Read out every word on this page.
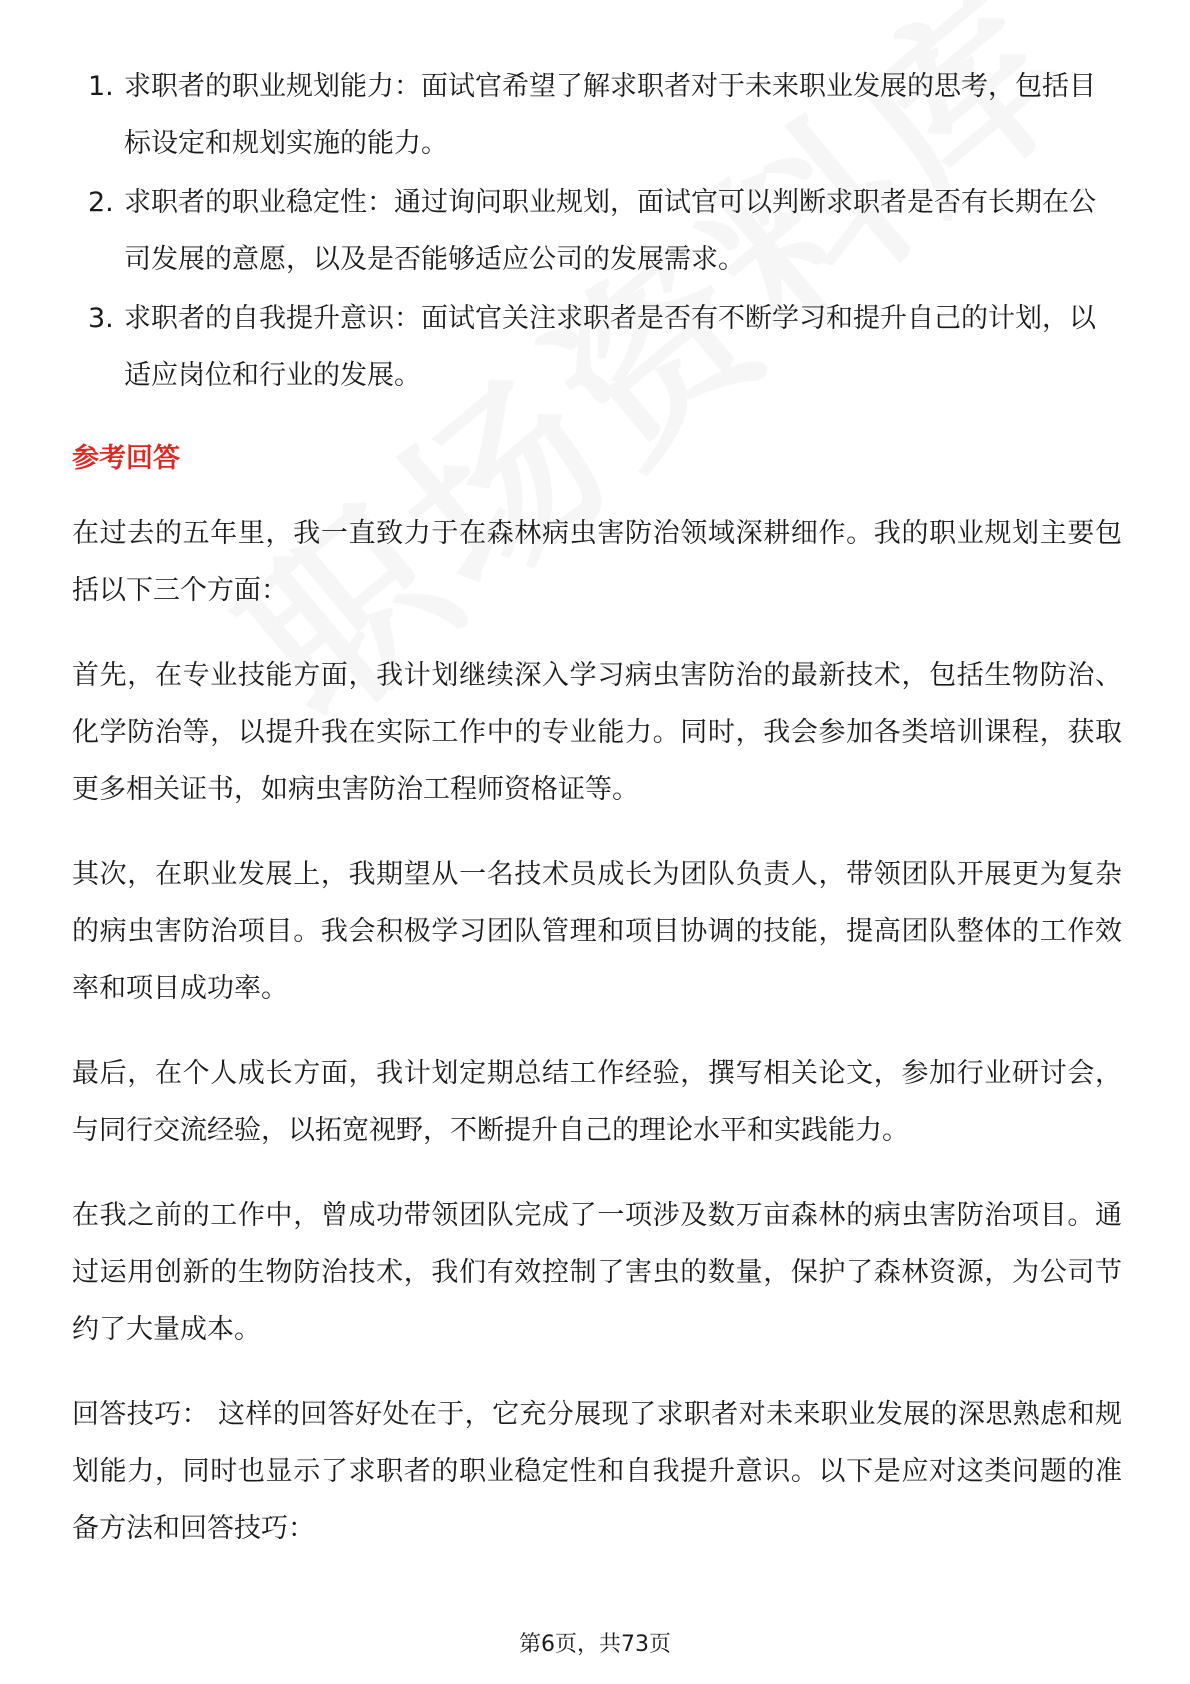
1. 求职者的职业规划能力：面试官希望了解求职者对于未来职业发展的思考，包括目标设定和规划实施的能力。
2. 求职者的职业稳定性：通过询问职业规划，面试官可以判断求职者是否有长期在公司发展的意愿，以及是否能够适应公司的发展需求。
3. 求职者的自我提升意识：面试官关注求职者是否有不断学习和提升自己的计划，以适应岗位和行业的发展。
参考回答

在过去的五年里，我一直致力于在森林病虫害防治领域深耕细作。我的职业规划主要包括以下三个方面：

首先，在专业技能方面，我计划继续深入学习病虫害防治的最新技术，包括生物防治、化学防治等，以提升我在实际工作中的专业能力。同时，我会参加各类培训课程，获取更多相关证书，如病虫害防治工程师资格证等。

其次，在职业发展上，我期望从一名技术员成长为团队负责人，带领团队开展更为复杂的病虫害防治项目。我会积极学习团队管理和项目协调的技能，提高团队整体的工作效率和项目成功率。

最后，在个人成长方面，我计划定期总结工作经验，撰写相关论文，参加行业研讨会，与同行交流经验，以拓宽视野，不断提升自己的理论水平和实践能力。

在我之前的工作中，曾成功带领团队完成了一项涉及数万亩森林的病虫害防治项目。通过运用创新的生物防治技术，我们有效控制了害虫的数量，保护了森林资源，为公司节约了大量成本。

回答技巧： 这样的回答好处在于，它充分展现了求职者对未来职业发展的深思熟虑和规划能力，同时也显示了求职者的职业稳定性和自我提升意识。以下是应对这类问题的准备方法和回答技巧：

第6页，共73页
